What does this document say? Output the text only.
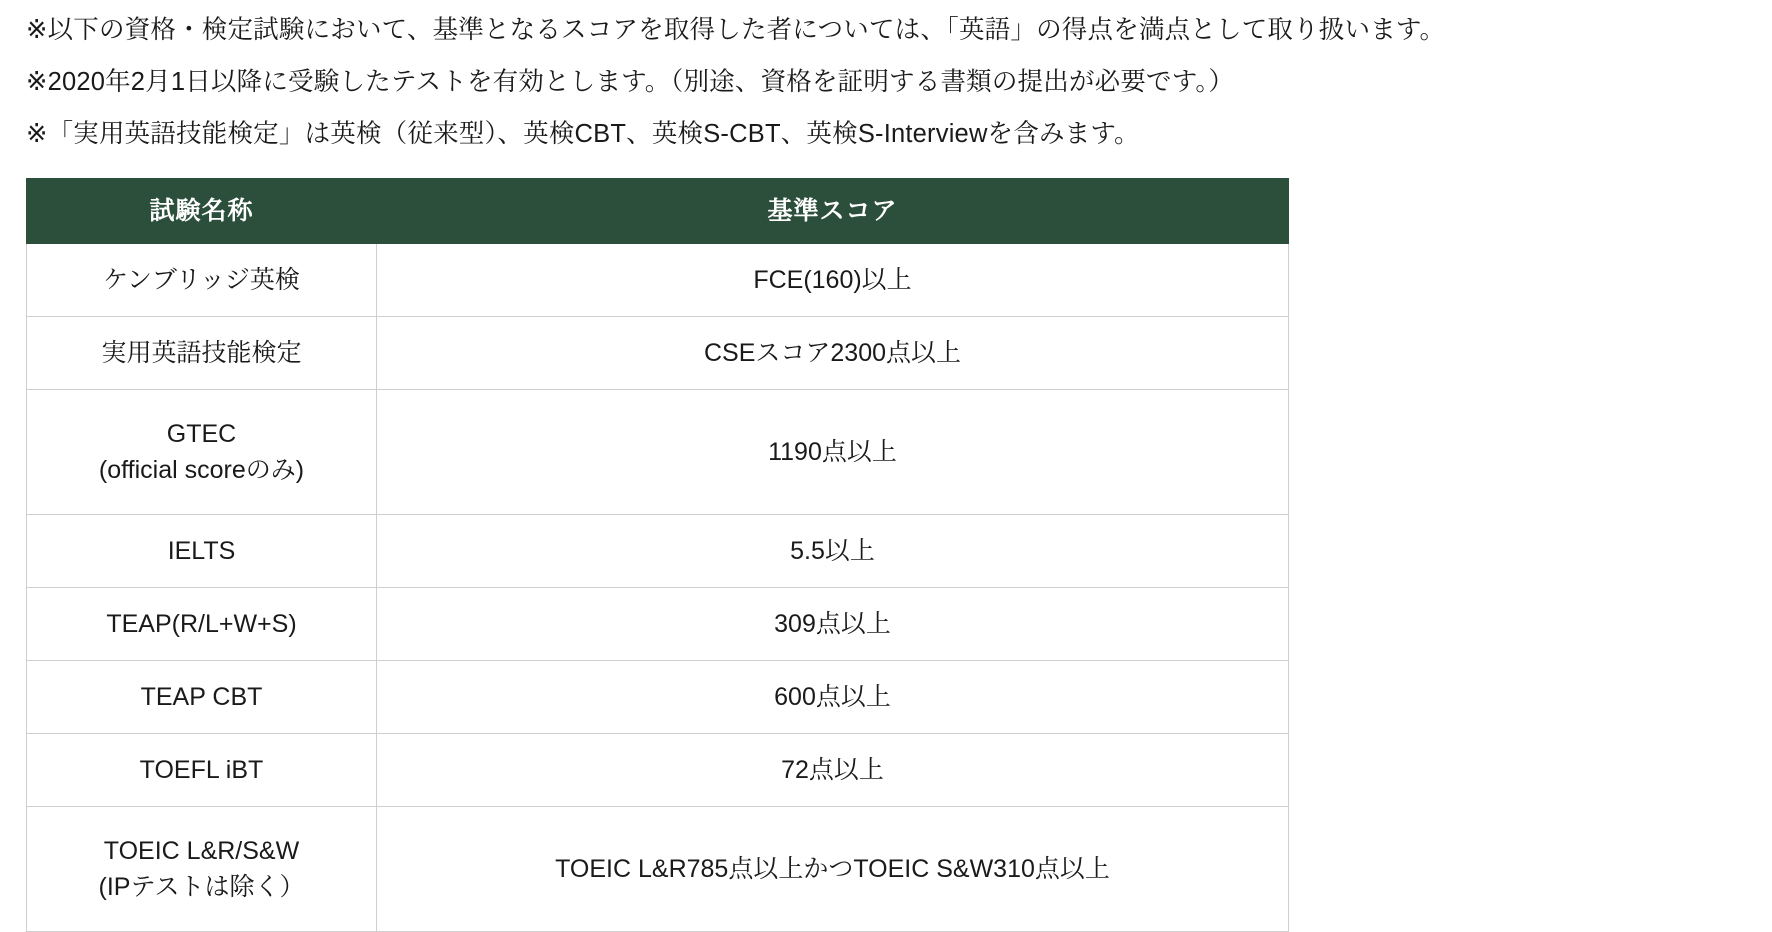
※以下の資格・検定試験において、基準となるスコアを取得した者については、「英語」の得点を満点として取り扱います。
※2020年2月1日以降に受験したテストを有効とします。（別途、資格を証明する書類の提出が必要です。）
※「実用英語技能検定」は英検（従来型）、英検CBT、英検S-CBT、英検S-Interviewを含みます。
試験名称	基準スコア

ケンブリッジ英検	FCE(160)以上

実用英語技能検定	CSEスコア2300点以上

GTEC
(official scoreのみ)	1190点以上

IELTS	5.5以上

TEAP(R/L+W+S)	309点以上

TEAP CBT	600点以上

TOEFL iBT	72点以上

TOEIC L&R/S&W
(IPテストは除く）	TOEIC L&R785点以上かつTOEIC S&W310点以上
